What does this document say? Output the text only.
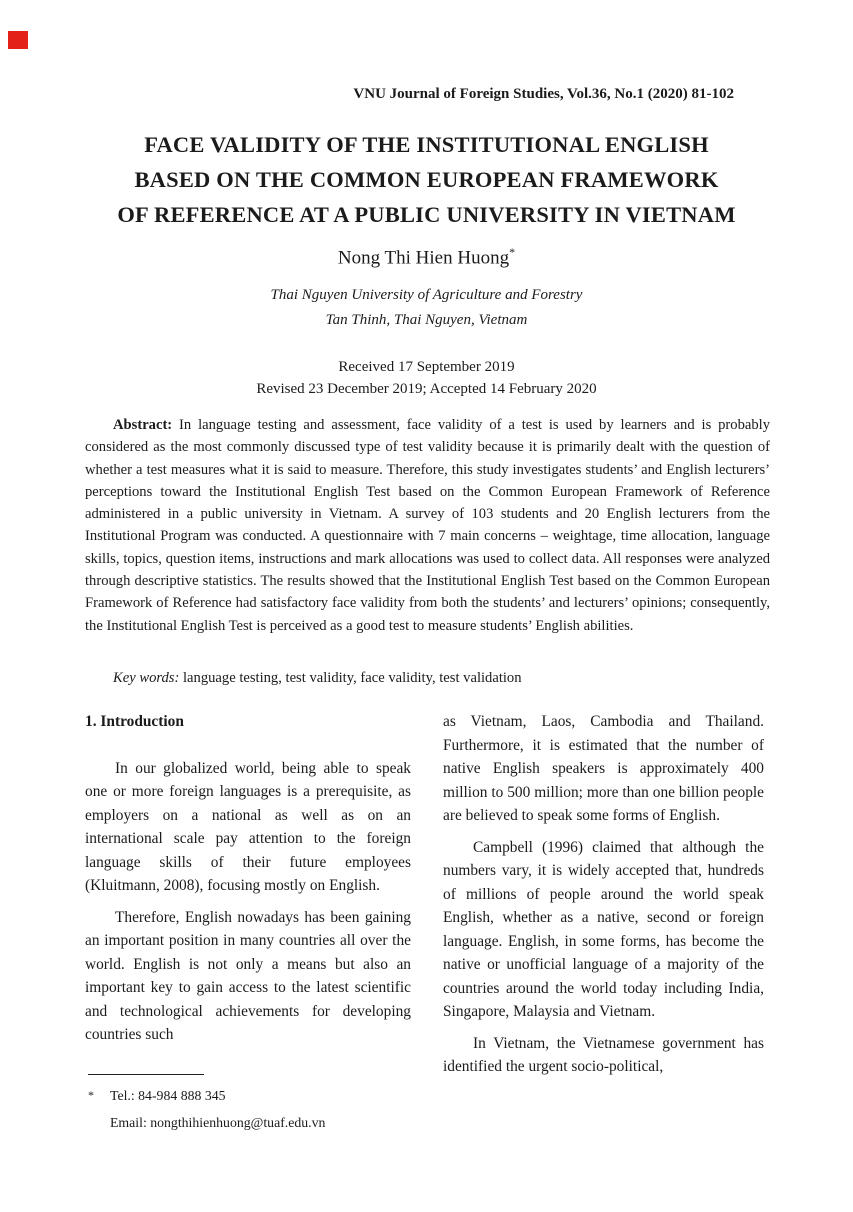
VNU Journal of Foreign Studies, Vol.36, No.1 (2020) 81-102
FACE VALIDITY OF THE INSTITUTIONAL ENGLISH
BASED ON THE COMMON EUROPEAN FRAMEWORK
OF REFERENCE AT A PUBLIC UNIVERSITY IN VIETNAM
Nong Thi Hien Huong*
Thai Nguyen University of Agriculture and Forestry
Tan Thinh, Thai Nguyen, Vietnam
Received 17 September 2019
Revised 23 December 2019; Accepted 14 February 2020
Abstract: In language testing and assessment, face validity of a test is used by learners and is probably considered as the most commonly discussed type of test validity because it is primarily dealt with the question of whether a test measures what it is said to measure. Therefore, this study investigates students’ and English lecturers’ perceptions toward the Institutional English Test based on the Common European Framework of Reference administered in a public university in Vietnam. A survey of 103 students and 20 English lecturers from the Institutional Program was conducted. A questionnaire with 7 main concerns – weightage, time allocation, language skills, topics, question items, instructions and mark allocations was used to collect data. All responses were analyzed through descriptive statistics. The results showed that the Institutional English Test based on the Common European Framework of Reference had satisfactory face validity from both the students’ and lecturers’ opinions; consequently, the Institutional English Test is perceived as a good test to measure students’ English abilities.
Key words: language testing, test validity, face validity, test validation
1. Introduction

In our globalized world, being able to speak one or more foreign languages is a prerequisite, as employers on a national as well as on an international scale pay attention to the foreign language skills of their future employees (Kluitmann, 2008), focusing mostly on English.

Therefore, English nowadays has been gaining an important position in many countries all over the world. English is not only a means but also an important key to gain access to the latest scientific and technological achievements for developing countries such

as Vietnam, Laos, Cambodia and Thailand. Furthermore, it is estimated that the number of native English speakers is approximately 400 million to 500 million; more than one billion people are believed to speak some forms of English.

Campbell (1996) claimed that although the numbers vary, it is widely accepted that, hundreds of millions of people around the world speak English, whether as a native, second or foreign language. English, in some forms, has become the native or unofficial language of a majority of the countries around the world today including India, Singapore, Malaysia and Vietnam.

In Vietnam, the Vietnamese government has identified the urgent socio-political,

*	Tel.: 84-984 888 345
Email: nongthihienhuong@tuaf.edu.vn
